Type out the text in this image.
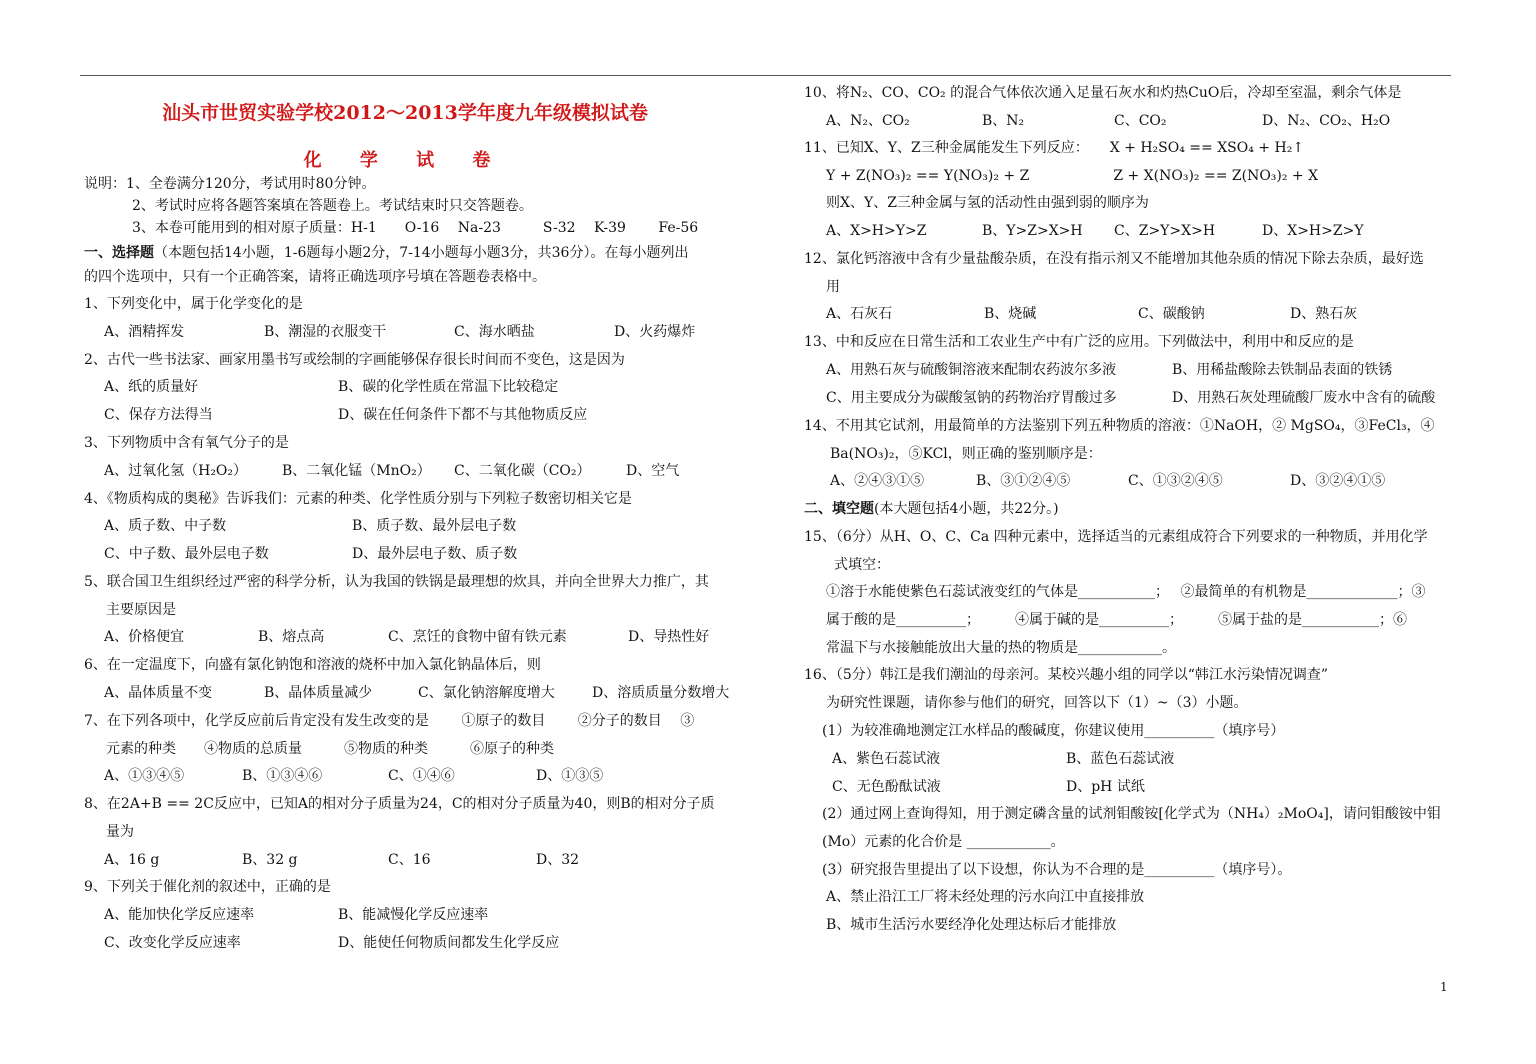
汕头市世贸实验学校2012～2013学年度九年级模拟试卷
化 学 试 卷
说明：1、全卷满分120分，考试用时80分钟。
2、考试时应将各题答案填在答题卷上。考试结束时只交答题卷。
3、本卷可能用到的相对原子质量：H-1　　O-16　 Na-23　　　S-32　 K-39　　 Fe-56
一、选择题（本题包括14小题，1-6题每小题2分，7-14小题每小题3分，共36分）。在每小题列出
的四个选项中，只有一个正确答案，请将正确选项序号填在答题卷表格中。
1、下列变化中，属于化学变化的是
A、酒精挥发	B、潮湿的衣服变干	C、海水晒盐	D、火药爆炸
2、古代一些书法家、画家用墨书写或绘制的字画能够保存很长时间而不变色，这是因为
A、纸的质量好	B、碳的化学性质在常温下比较稳定
C、保存方法得当	D、碳在任何条件下都不与其他物质反应
3、下列物质中含有氧气分子的是
A、过氧化氢（H₂O₂） B、二氧化锰（MnO₂） C、二氧化碳（CO₂）	D、空气
4、《物质构成的奥秘》告诉我们：元素的种类、化学性质分别与下列粒子数密切相关它是
A、质子数、中子数	B、质子数、最外层电子数
C、中子数、最外层电子数	D、最外层电子数、质子数
5、联合国卫生组织经过严密的科学分析，认为我国的铁锅是最理想的炊具，并向全世界大力推广，其
主要原因是
A、价格便宜	B、熔点高	C、烹饪的食物中留有铁元素	D、导热性好
6、在一定温度下，向盛有氯化钠饱和溶液的烧杯中加入氯化钠晶体后，则
A、晶体质量不变	B、晶体质量减少	C、氯化钠溶解度增大	D、溶质质量分数增大
7、在下列各项中，化学反应前后肯定没有发生改变的是　　 ①原子的数目　　 ②分子的数目　 ③
元素的种类　　④物质的总质量　　　⑤物质的种类　　　⑥原子的种类
A、①③④⑤	B、①③④⑥	C、①④⑥	D、①③⑤
8、在2A+B == 2C反应中，已知A的相对分子质量为24，C的相对分子质量为40，则B的相对分子质
量为
A、16 g	B、32 g	C、16	D、32
9、下列关于催化剂的叙述中，正确的是
A、能加快化学反应速率	B、能减慢化学反应速率
C、改变化学反应速率	D、能使任何物质间都发生化学反应
10、将N₂、CO、CO₂ 的混合气体依次通入足量石灰水和灼热CuO后，冷却至室温，剩余气体是
A、N₂、CO₂	B、N₂	C、CO₂	D、N₂、CO₂、H₂O
11、已知X、Y、Z三种金属能发生下列反应：　　X + H₂SO₄ == XSO₄ + H₂↑
Y + Z(NO₃)₂ == Y(NO₃)₂ + Z　　　　　　Z + X(NO₃)₂ == Z(NO₃)₂ + X
则X、Y、Z三种金属与氢的活动性由强到弱的顺序为
A、X>H>Y>Z	B、Y>Z>X>H C、Z>Y>X>H	D、X>H>Z>Y
12、氯化钙溶液中含有少量盐酸杂质，在没有指示剂又不能增加其他杂质的情况下除去杂质，最好选
用
A、石灰石	B、烧碱	C、碳酸钠	D、熟石灰
13、中和反应在日常生活和工农业生产中有广泛的应用。下列做法中，利用中和反应的是
A、用熟石灰与硫酸铜溶液来配制农药波尔多液	B、用稀盐酸除去铁制品表面的铁锈
C、用主要成分为碳酸氢钠的药物治疗胃酸过多	D、用熟石灰处理硫酸厂废水中含有的硫酸
14、不用其它试剂，用最简单的方法鉴别下列五种物质的溶液：①NaOH，② MgSO₄，③FeCl₃，④
Ba(NO₃)₂，⑤KCl，则正确的鉴别顺序是：
A、②④③①⑤	B、③①②④⑤	C、①③②④⑤	D、③②④①⑤
二、填空题(本大题包括4小题，共22分。)
15、（6分）从H、O、C、Ca 四种元素中，选择适当的元素组成符合下列要求的一种物质，并用化学
式填空：
①溶于水能使紫色石蕊试液变红的气体是___________；　 ②最简单的有机物是_____________；③
属于酸的是__________；　　　④属于碱的是__________；　　　⑤属于盐的是___________；⑥
常温下与水接触能放出大量的热的物质是____________。
16、（5分）韩江是我们潮汕的母亲河。某校兴趣小组的同学以“韩江水污染情况调查”
为研究性课题，请你参与他们的研究，回答以下（1）~（3）小题。
(1）为较准确地测定江水样品的酸碱度，你建议使用__________（填序号）
A、紫色石蕊试液	B、蓝色石蕊试液
C、无色酚酞试液	D、pH 试纸
(2）通过网上查询得知，用于测定磷含量的试剂钼酸铵[化学式为（NH₄）₂MoO₄]，请问钼酸铵中钼
(Mo）元素的化合价是 ____________。
(3）研究报告里提出了以下设想，你认为不合理的是__________（填序号）。
A、禁止沿江工厂将未经处理的污水向江中直接排放
B、城市生活污水要经净化处理达标后才能排放
1
